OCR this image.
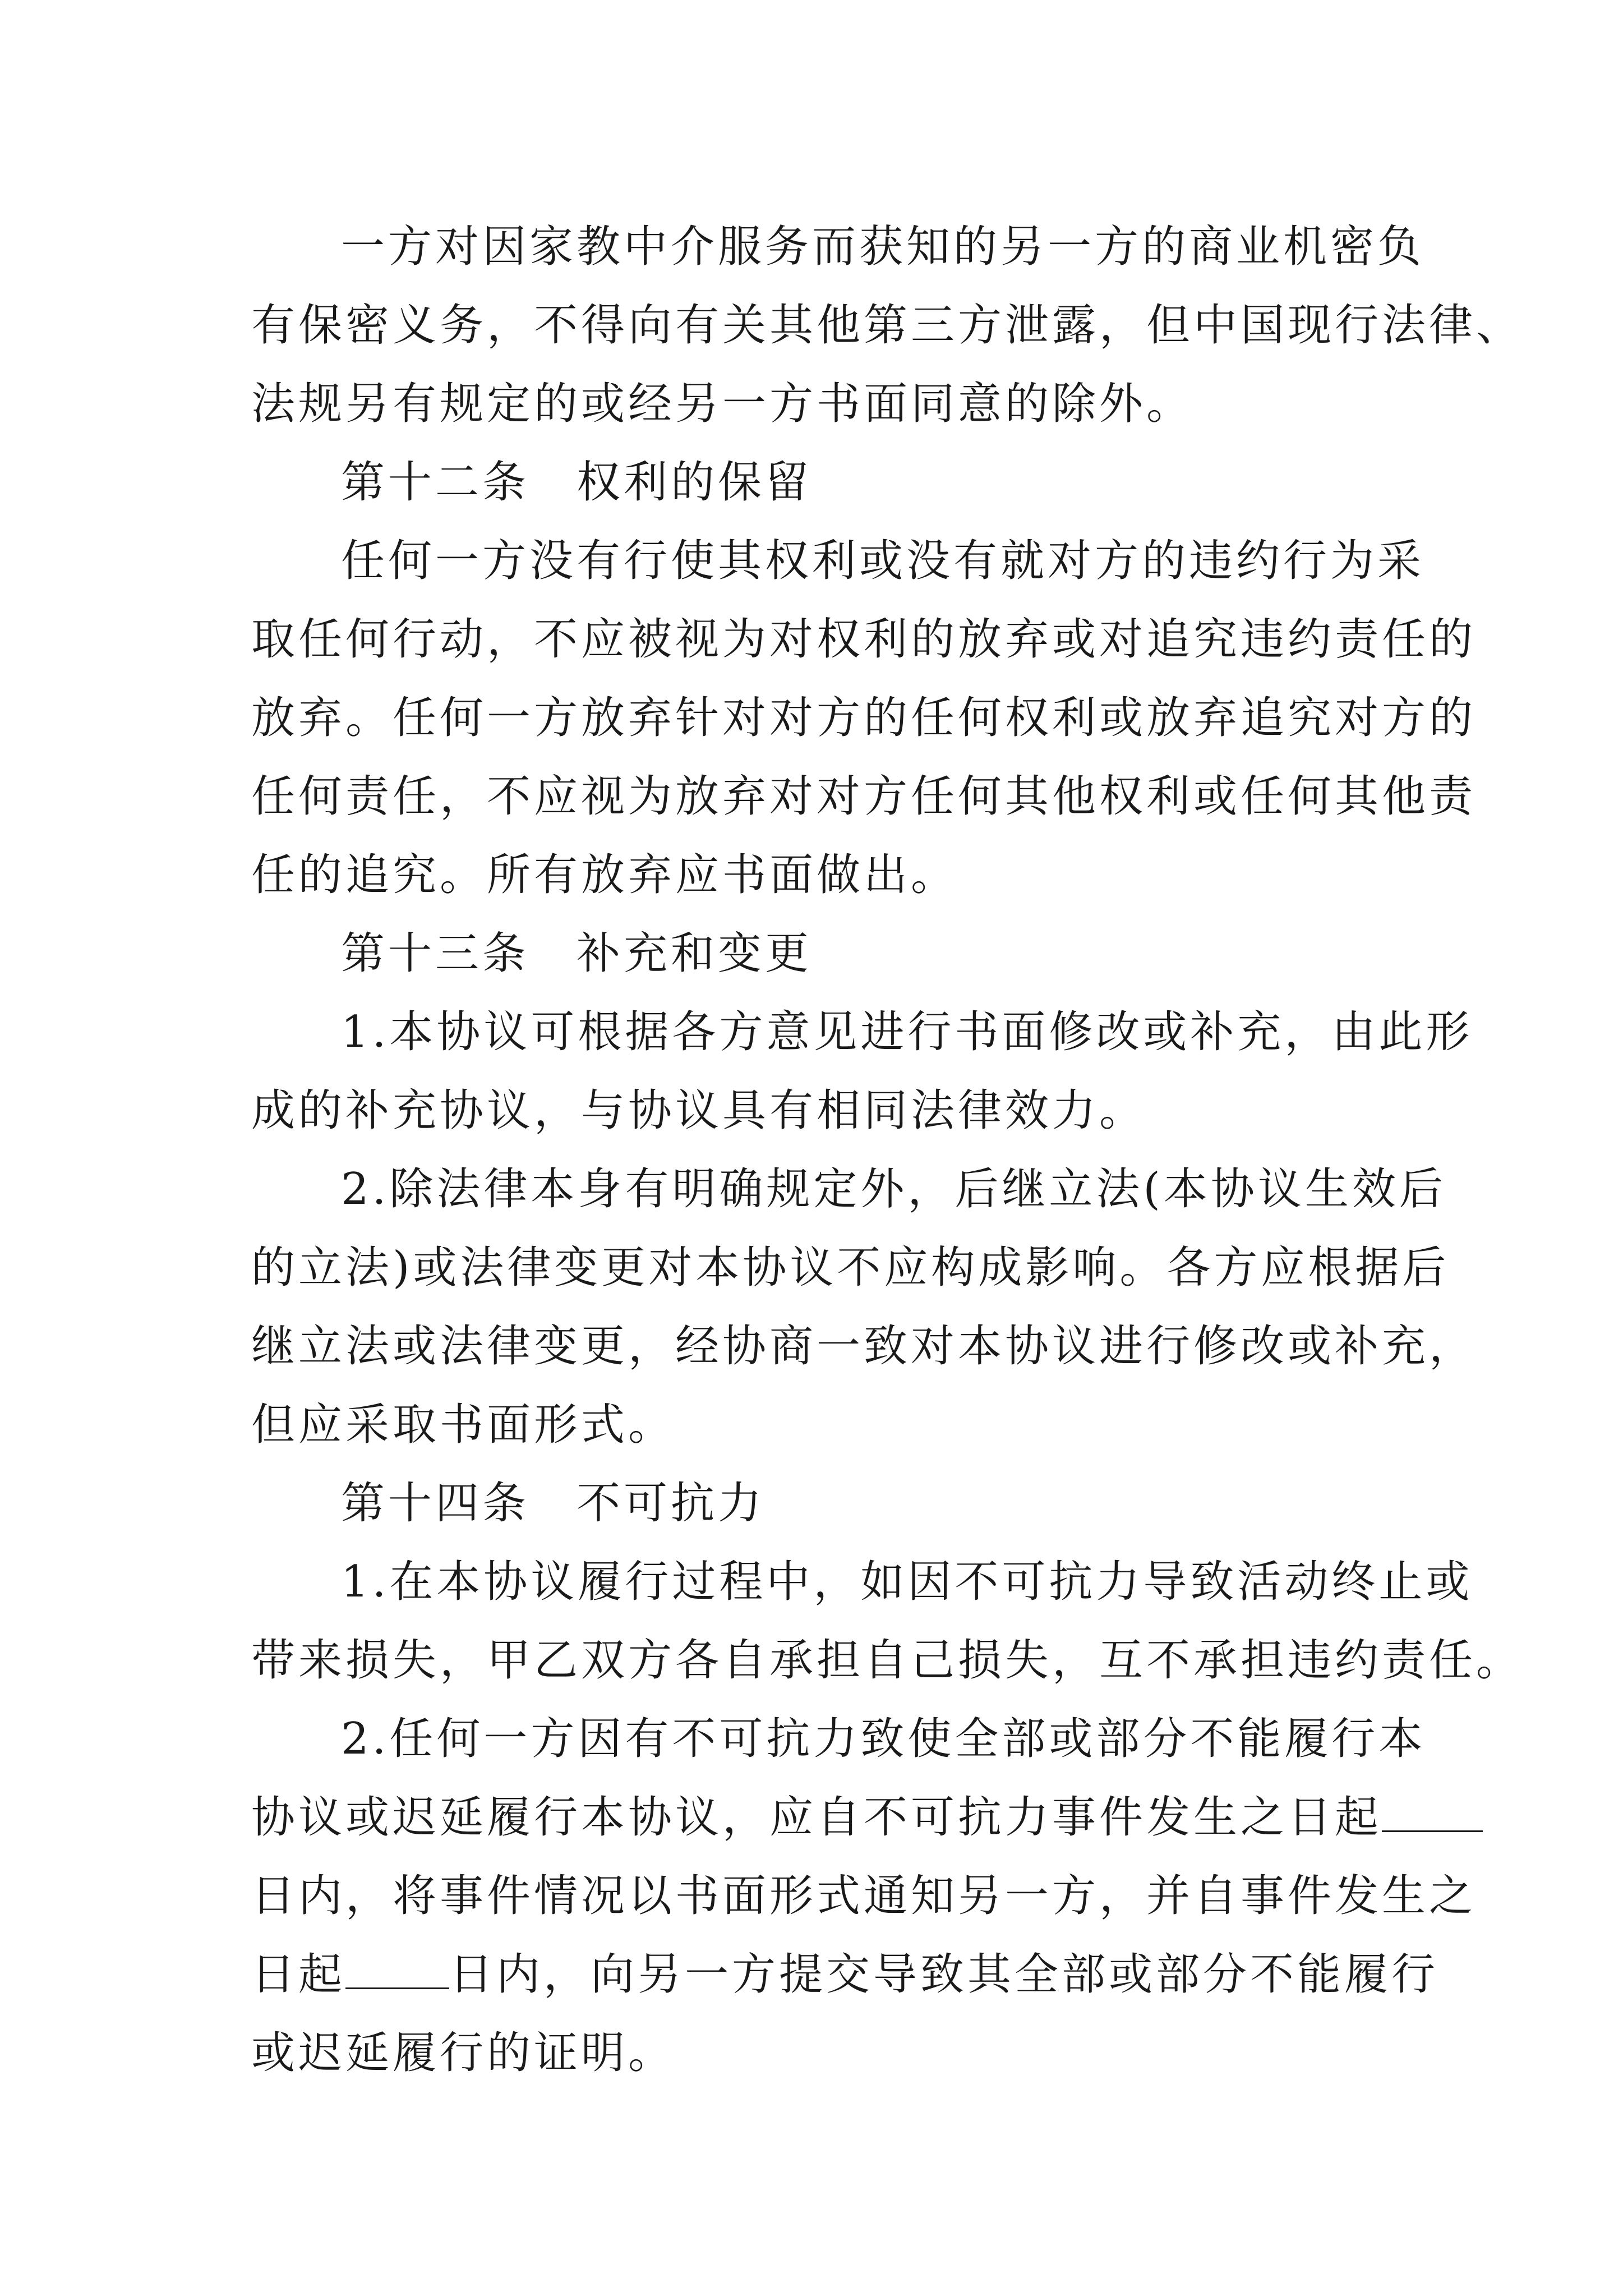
一方对因家教中介服务而获知的另一方的商业机密负
有保密义务，不得向有关其他第三方泄露，但中国现行法律、
法规另有规定的或经另一方书面同意的除外。
第十二条　权利的保留
任何一方没有行使其权利或没有就对方的违约行为采
取任何行动，不应被视为对权利的放弃或对追究违约责任的
放弃。任何一方放弃针对对方的任何权利或放弃追究对方的
任何责任，不应视为放弃对对方任何其他权利或任何其他责
任的追究。所有放弃应书面做出。
第十三条　补充和变更
1.本协议可根据各方意见进行书面修改或补充，由此形
成的补充协议，与协议具有相同法律效力。
2.除法律本身有明确规定外，后继立法(本协议生效后
的立法)或法律变更对本协议不应构成影响。各方应根据后
继立法或法律变更，经协商一致对本协议进行修改或补充，
但应采取书面形式。
第十四条　不可抗力
1.在本协议履行过程中，如因不可抗力导致活动终止或
带来损失，甲乙双方各自承担自己损失，互不承担违约责任。
2.任何一方因有不可抗力致使全部或部分不能履行本
协议或迟延履行本协议，应自不可抗力事件发生之日起
日内，将事件情况以书面形式通知另一方，并自事件发生之
日起 日内，向另一方提交导致其全部或部分不能履行
或迟延履行的证明。
